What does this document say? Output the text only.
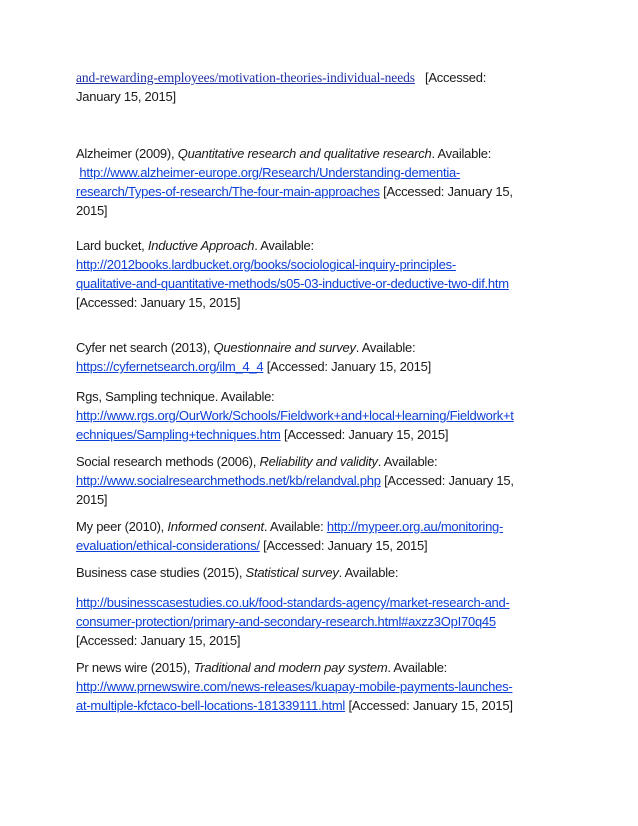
and-rewarding-employees/motivation-theories-individual-needs [Accessed:
January 15, 2015]

Alzheimer (2009), Quantitative research and qualitative research. Available:
http://www.alzheimer-europe.org/Research/Understanding-dementia-
research/Types-of-research/The-four-main-approaches [Accessed: January 15,
2015]

Lard bucket, Inductive Approach. Available:
http://2012books.lardbucket.org/books/sociological-inquiry-principles-
qualitative-and-quantitative-methods/s05-03-inductive-or-deductive-two-dif.htm
[Accessed: January 15, 2015]

Cyfer net search (2013), Questionnaire and survey. Available:
https://cyfernetsearch.org/ilm_4_4 [Accessed: January 15, 2015]

Rgs, Sampling technique. Available:
http://www.rgs.org/OurWork/Schools/Fieldwork+and+local+learning/Fieldwork+t
echniques/Sampling+techniques.htm [Accessed: January 15, 2015]

Social research methods (2006), Reliability and validity. Available:
http://www.socialresearchmethods.net/kb/relandval.php [Accessed: January 15,
2015]

My peer (2010), Informed consent. Available: http://mypeer.org.au/monitoring-
evaluation/ethical-considerations/ [Accessed: January 15, 2015]

Business case studies (2015), Statistical survey. Available:

http://businesscasestudies.co.uk/food-standards-agency/market-research-and-
consumer-protection/primary-and-secondary-research.html#axzz3OpI70q45
[Accessed: January 15, 2015]

Pr news wire (2015), Traditional and modern pay system. Available:
http://www.prnewswire.com/news-releases/kuapay-mobile-payments-launches-
at-multiple-kfctaco-bell-locations-181339111.html [Accessed: January 15, 2015]
